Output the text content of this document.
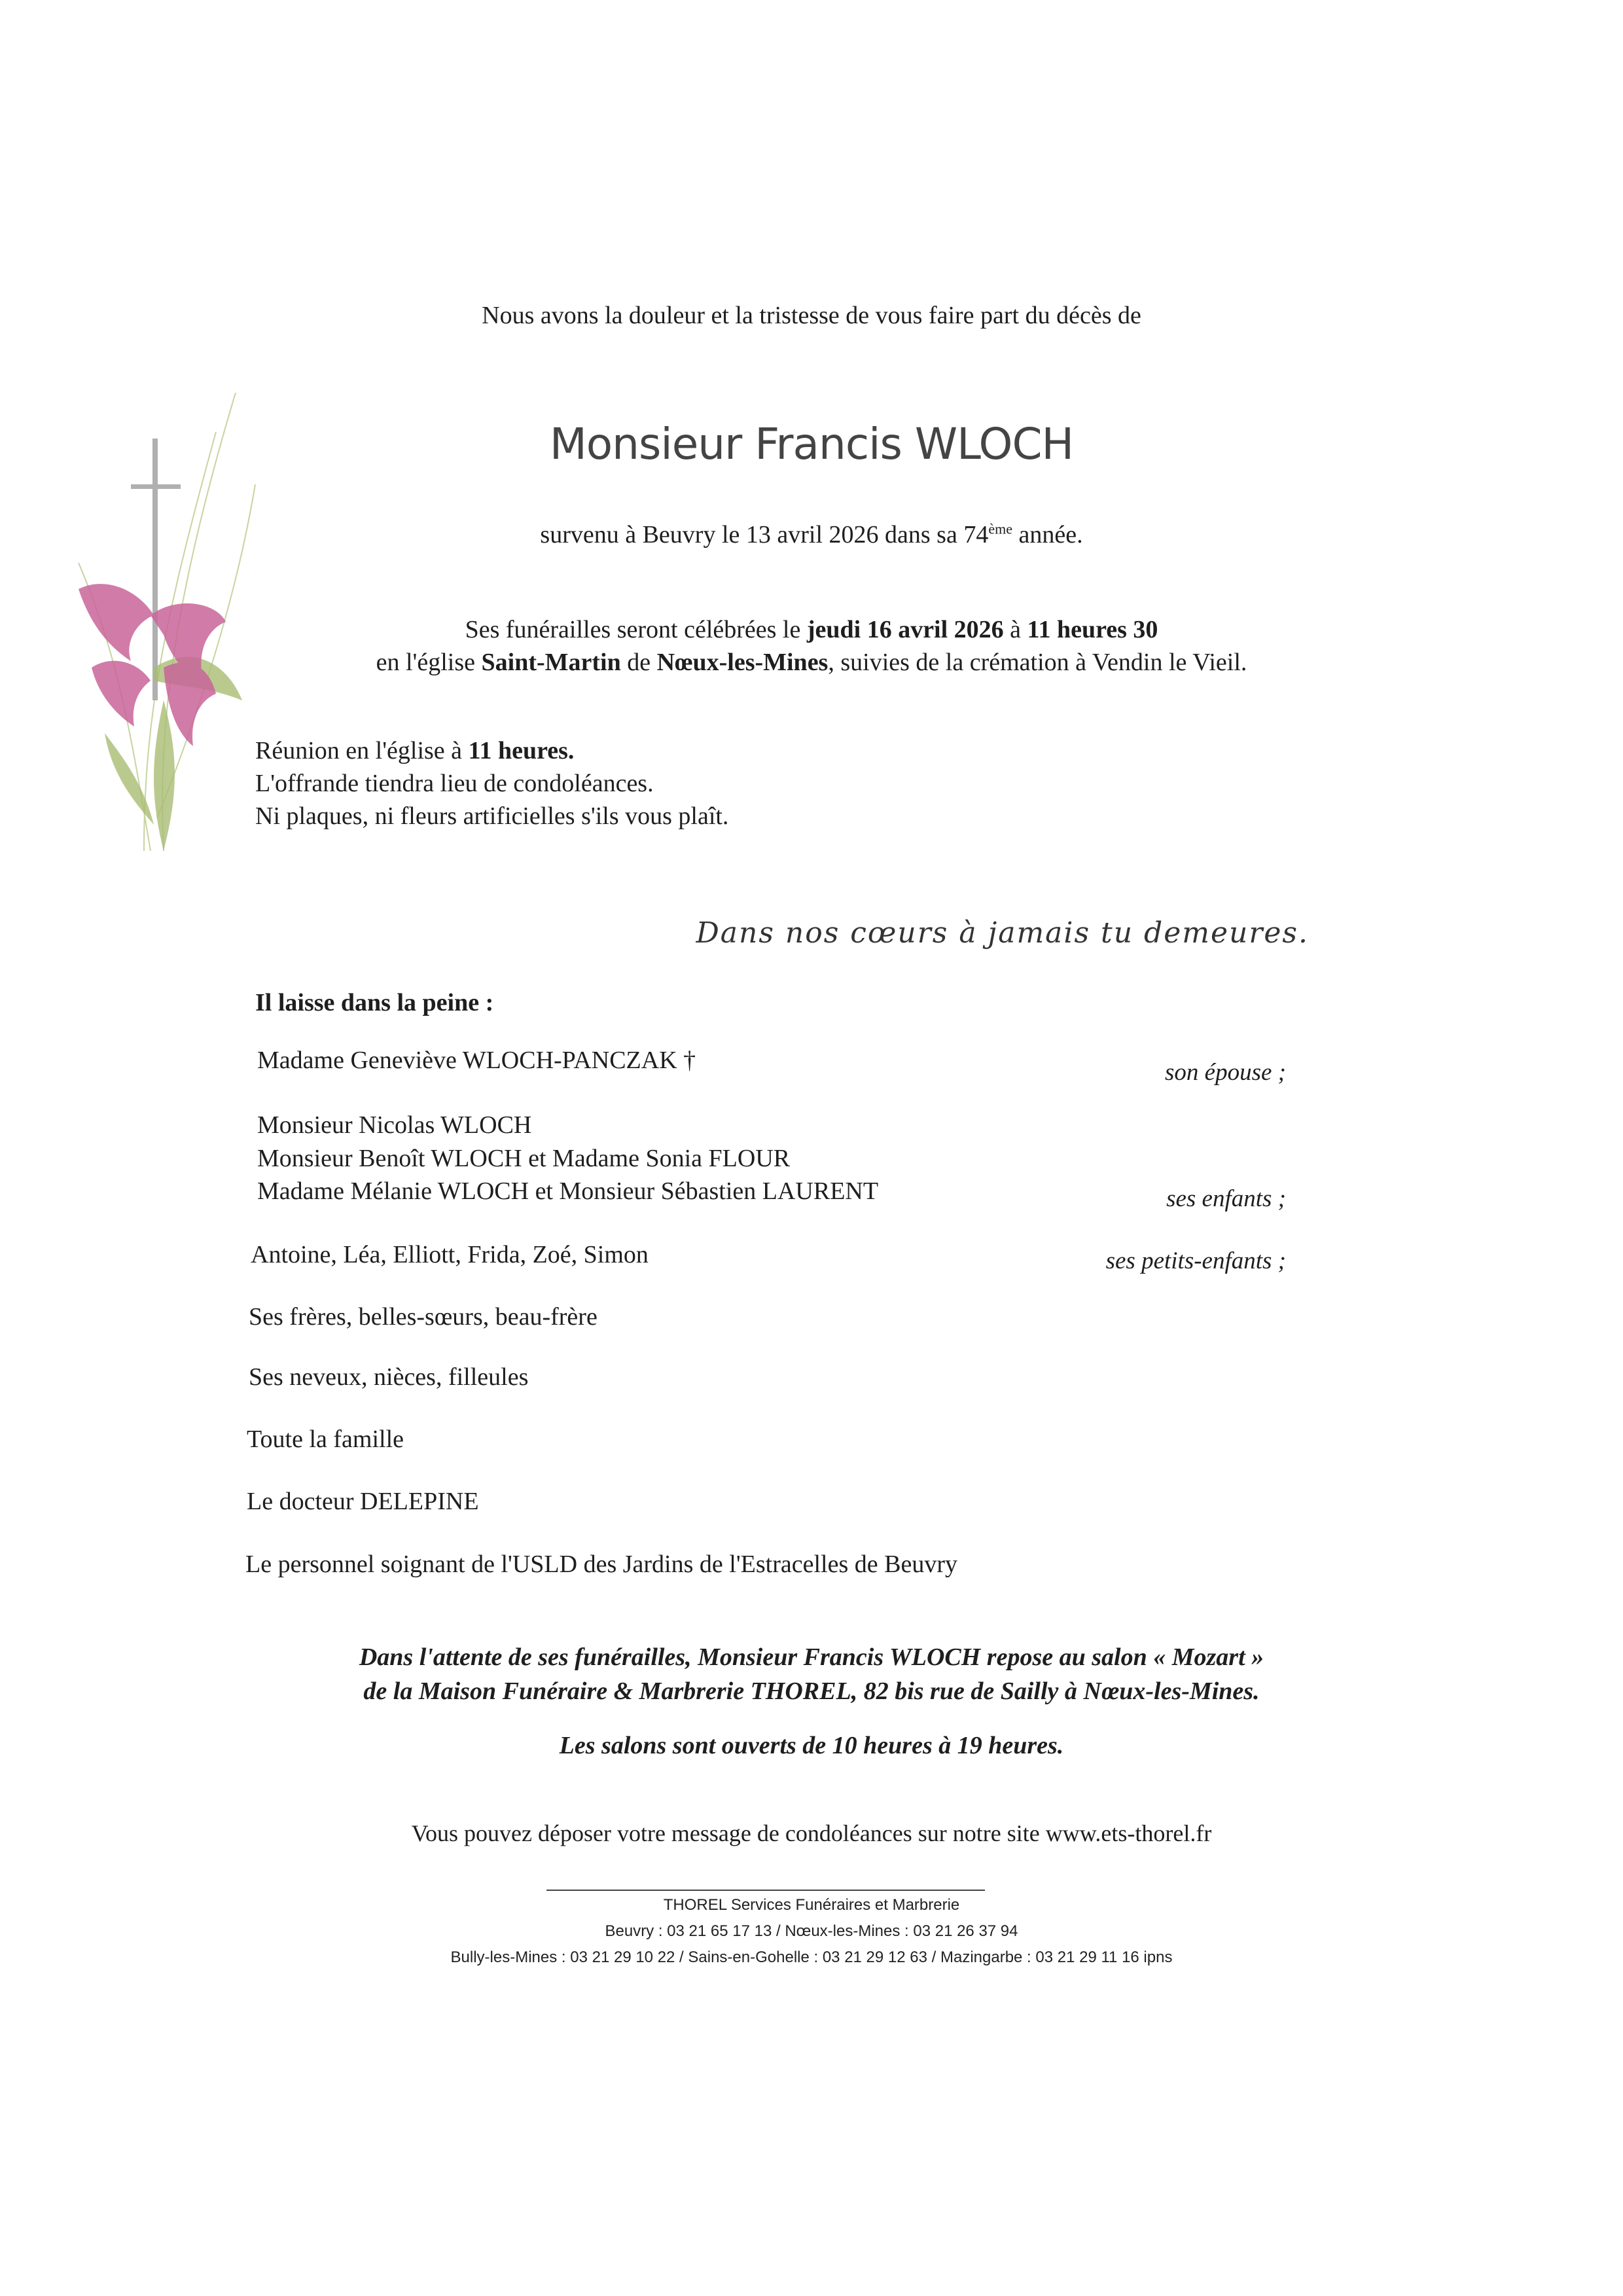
Nous avons la douleur et la tristesse de vous faire part du décès de
Monsieur Francis WLOCH
survenu à Beuvry le 13 avril 2026 dans sa 74ème année.
Ses funérailles seront célébrées le jeudi 16 avril 2026 à 11 heures 30
en l'église Saint-Martin de Nœux-les-Mines, suivies de la crémation à Vendin le Vieil.
Réunion en l'église à 11 heures.
L'offrande tiendra lieu de condoléances.
Ni plaques, ni fleurs artificielles s'ils vous plaît.
Dans nos cœurs à jamais tu demeures.
Il laisse dans la peine :
Madame Geneviève WLOCH-PANCZAK †	son épouse ;
Monsieur Nicolas WLOCH
Monsieur Benoît WLOCH et Madame Sonia FLOUR
Madame Mélanie WLOCH et Monsieur Sébastien LAURENT	ses enfants ;
Antoine, Léa, Elliott, Frida, Zoé, Simon	ses petits-enfants ;
Ses frères, belles-sœurs, beau-frère
Ses neveux, nièces, filleules
Toute la famille
Le docteur DELEPINE
Le personnel soignant de l'USLD des Jardins de l'Estracelles de Beuvry
Dans l'attente de ses funérailles, Monsieur Francis WLOCH repose au salon « Mozart »
de la Maison Funéraire & Marbrerie THOREL, 82 bis rue de Sailly à Nœux-les-Mines.
Les salons sont ouverts de 10 heures à 19 heures.
Vous pouvez déposer votre message de condoléances sur notre site www.ets-thorel.fr
THOREL Services Funéraires et Marbrerie
Beuvry : 03 21 65 17 13 / Nœux-les-Mines : 03 21 26 37 94
Bully-les-Mines : 03 21 29 10 22 / Sains-en-Gohelle : 03 21 29 12 63 / Mazingarbe : 03 21 29 11 16 ipns
